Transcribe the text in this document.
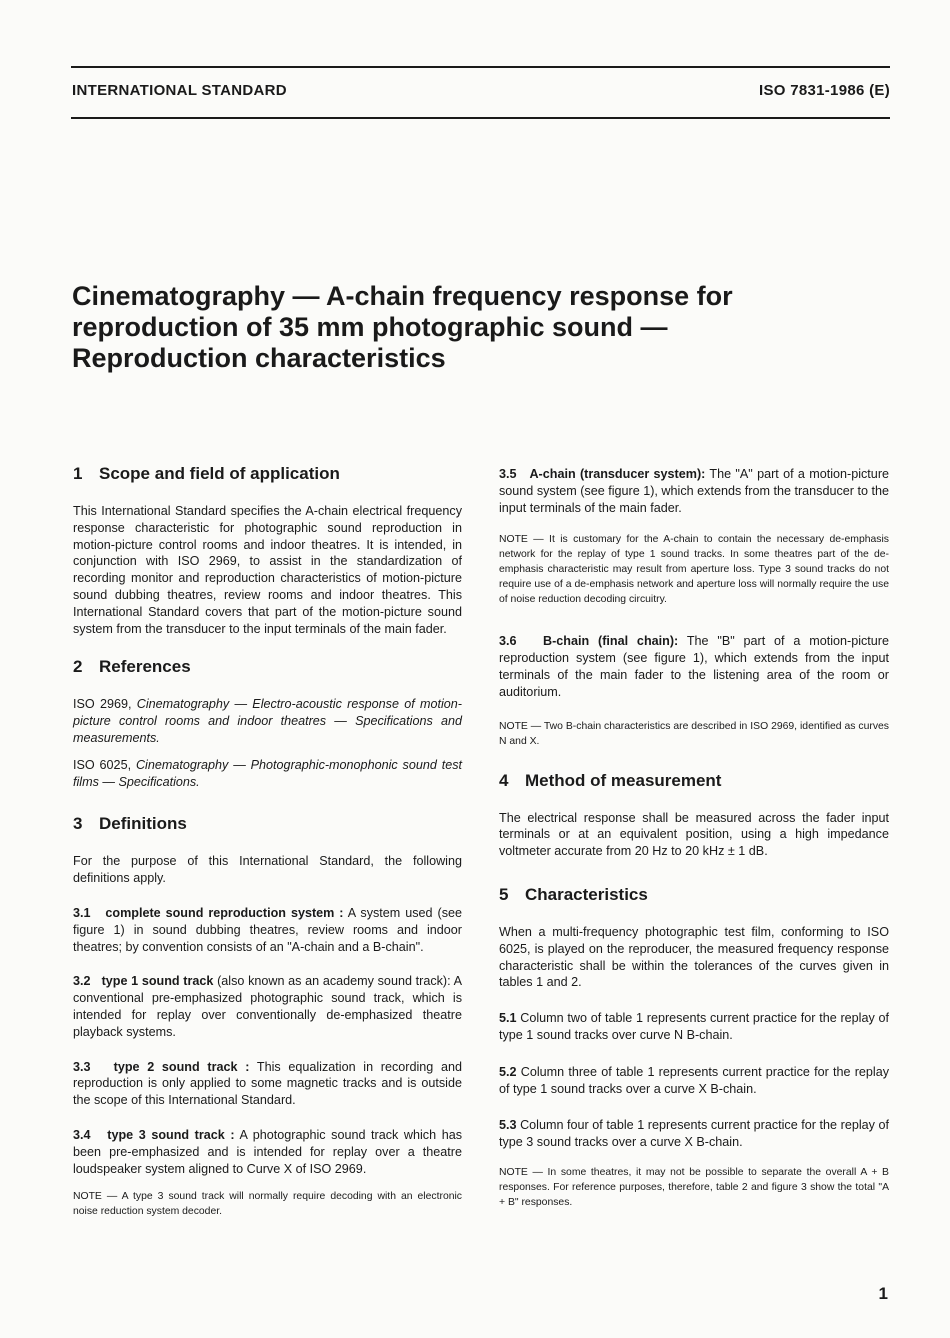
INTERNATIONAL STANDARD	ISO 7831-1986 (E)
Cinematography — A-chain frequency response for
reproduction of 35 mm photographic sound —
Reproduction characteristics
1 Scope and field of application

This International Standard specifies the A-chain electrical frequency response characteristic for photographic sound reproduction in motion-picture control rooms and indoor theatres. It is intended, in conjunction with ISO 2969, to assist in the standardization of recording monitor and reproduction characteristics of motion-picture sound dubbing theatres, review rooms and indoor theatres. This International Standard covers that part of the motion-picture sound system from the transducer to the input terminals of the main fader.

2 References

ISO 2969, Cinematography — Electro-acoustic response of motion-picture control rooms and indoor theatres — Specifications and measurements.

ISO 6025, Cinematography — Photographic-monophonic sound test films — Specifications.

3 Definitions

For the purpose of this International Standard, the following definitions apply.

3.1 complete sound reproduction system : A system used (see figure 1) in sound dubbing theatres, review rooms and indoor theatres; by convention consists of an "A-chain and a B-chain".

3.2 type 1 sound track (also known as an academy sound track): A conventional pre-emphasized photographic sound track, which is intended for replay over conventionally de-emphasized theatre playback systems.

3.3 type 2 sound track : This equalization in recording and reproduction is only applied to some magnetic tracks and is outside the scope of this International Standard.

3.4 type 3 sound track : A photographic sound track which has been pre-emphasized and is intended for replay over a theatre loudspeaker system aligned to Curve X of ISO 2969.

NOTE — A type 3 sound track will normally require decoding with an electronic noise reduction system decoder.

3.5 A-chain (transducer system): The "A" part of a motion-picture sound system (see figure 1), which extends from the transducer to the input terminals of the main fader.

NOTE — It is customary for the A-chain to contain the necessary de-emphasis network for the replay of type 1 sound tracks. In some theatres part of the de-emphasis characteristic may result from aperture loss. Type 3 sound tracks do not require use of a de-emphasis network and aperture loss will normally require the use of noise reduction decoding circuitry.

3.6 B-chain (final chain): The "B" part of a motion-picture reproduction system (see figure 1), which extends from the input terminals of the main fader to the listening area of the room or auditorium.

NOTE — Two B-chain characteristics are described in ISO 2969, identified as curves N and X.

4 Method of measurement

The electrical response shall be measured across the fader input terminals or at an equivalent position, using a high impedance voltmeter accurate from 20 Hz to 20 kHz ± 1 dB.

5 Characteristics

When a multi-frequency photographic test film, conforming to ISO 6025, is played on the reproducer, the measured frequency response characteristic shall be within the tolerances of the curves given in tables 1 and 2.

5.1 Column two of table 1 represents current practice for the replay of type 1 sound tracks over curve N B-chain.

5.2 Column three of table 1 represents current practice for the replay of type 1 sound tracks over a curve X B-chain.

5.3 Column four of table 1 represents current practice for the replay of type 3 sound tracks over a curve X B-chain.

NOTE — In some theatres, it may not be possible to separate the overall A + B responses. For reference purposes, therefore, table 2 and figure 3 show the total "A + B" responses.

1
